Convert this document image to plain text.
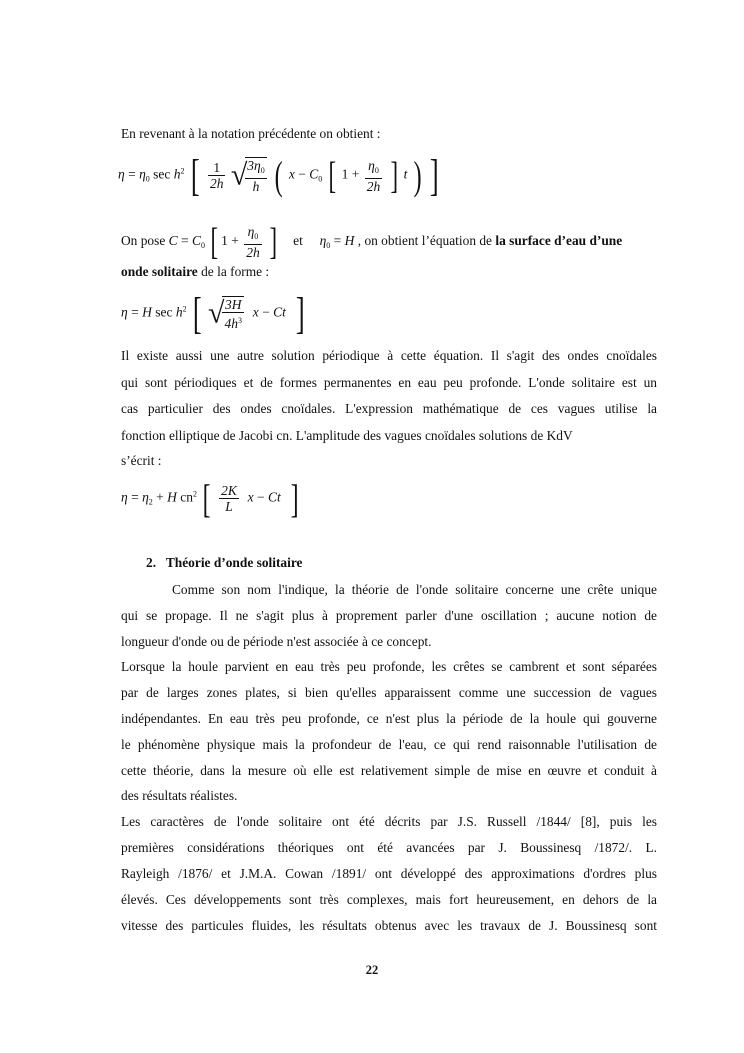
En revenant à la notation précédente on obtient :
$\eta = \eta_0$ $\sec h^2$ [ $\frac{1}{2h}$ √
$\frac{3\eta_0}{h}$ ( $x - C_0$ [ $1 + \frac{\eta_0}{2h}$ ] t ) ]
On pose $C = C_0$ [ $1 + \frac{\eta_0}{2h}$ ] et $\eta_0 = H$ , on obtient l’équation de la surface d’eau d’une
onde solitaire de la forme :
η = H $\sec h^2$ [ √
$\frac{3H}{4h^3}$ x − Ct  ]
Il existe aussi une autre solution périodique à cette équation. Il s'agit des ondes cnoïdales
qui sont périodiques et de formes permanentes en eau peu profonde. L'onde solitaire est un
cas particulier des ondes cnoïdales. L'expression mathématique de ces vagues utilise la
fonction elliptique de Jacobi cn. L'amplitude des vagues cnoïdales solutions de KdV
s’écrit :
$\eta = \eta_2 + H$ $cn^2$ [ $\frac{2K}{L}$ x − Ct  ]
2. Théorie d’onde solitaire
Comme son nom l'indique, la théorie de l'onde solitaire concerne une crête unique
qui se propage. Il ne s'agit plus à proprement parler d'une oscillation ; aucune notion de
longueur d'onde ou de période n'est associée à ce concept.
Lorsque la houle parvient en eau très peu profonde, les crêtes se cambrent et sont séparées
par de larges zones plates, si bien qu'elles apparaissent comme une succession de vagues
indépendantes. En eau très peu profonde, ce n'est plus la période de la houle qui gouverne
le phénomène physique mais la profondeur de l'eau, ce qui rend raisonnable l'utilisation de
cette théorie, dans la mesure où elle est relativement simple de mise en œuvre et conduit à
des résultats réalistes.
Les caractères de l'onde solitaire ont été décrits par J.S. Russell /1844/ [8], puis les
premières considérations théoriques ont été avancées par J. Boussinesq /1872/. L.
Rayleigh /1876/ et J.M.A. Cowan /1891/ ont développé des approximations d'ordres plus
élevés. Ces développements sont très complexes, mais fort heureusement, en dehors de la
vitesse des particules fluides, les résultats obtenus avec les travaux de J. Boussinesq sont
22
